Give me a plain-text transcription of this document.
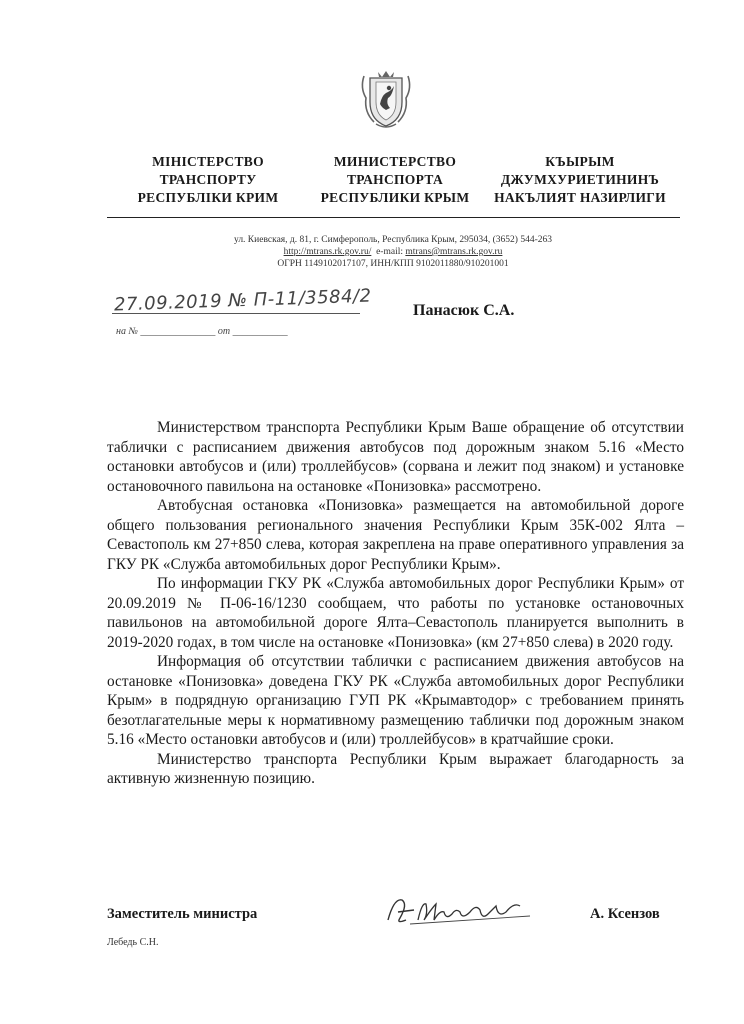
МІНІСТЕРСТВО
ТРАНСПОРТУ
РЕСПУБЛІКИ КРИМ
МИНИСТЕРСТВО
ТРАНСПОРТА
РЕСПУБЛИКИ КРЫМ
КЪЫРЫМ
ДЖУМХУРИЕТИНИНЪ
НАКЪЛИЯТ НАЗИРЛИГИ
ул. Киевская, д. 81, г. Симферополь, Республика Крым, 295034, (3652) 544-263
http://mtrans.rk.gov.ru/ e-mail: mtrans@mtrans.rk.gov.ru
ОГРН 1149102017107, ИНН/КПП 9102011880/910201001
27.09.2019 № П-11/3584/2
на № _______________ от ___________
Панасюк С.А.

Министерством транспорта Республики Крым Ваше обращение об отсутствии таблички с расписанием движения автобусов под дорожным знаком 5.16 «Место остановки автобусов и (или) троллейбусов» (сорвана и лежит под знаком) и установке остановочного павильона на остановке «Понизовка» рассмотрено.

Автобусная остановка «Понизовка» размещается на автомобильной дороге общего пользования регионального значения Республики Крым 35К-002 Ялта – Севастополь км 27+850 слева, которая закреплена на праве оперативного управления за ГКУ РК «Служба автомобильных дорог Республики Крым».

По информации ГКУ РК «Служба автомобильных дорог Республики Крым» от 20.09.2019 № П-06-16/1230 сообщаем, что работы по установке остановочных павильонов на автомобильной дороге Ялта–Севастополь планируется выполнить в 2019-2020 годах, в том числе на остановке «Понизовка» (км 27+850 слева) в 2020 году.

Информация об отсутствии таблички с расписанием движения автобусов на остановке «Понизовка» доведена ГКУ РК «Служба автомобильных дорог Республики Крым» в подрядную организацию ГУП РК «Крымавтодор» с требованием принять безотлагательные меры к нормативному размещению таблички под дорожным знаком 5.16 «Место остановки автобусов и (или) троллейбусов» в кратчайшие сроки.

Министерство транспорта Республики Крым выражает благодарность за активную жизненную позицию.

Заместитель министра	А. Ксензов
Лебедь С.Н.
